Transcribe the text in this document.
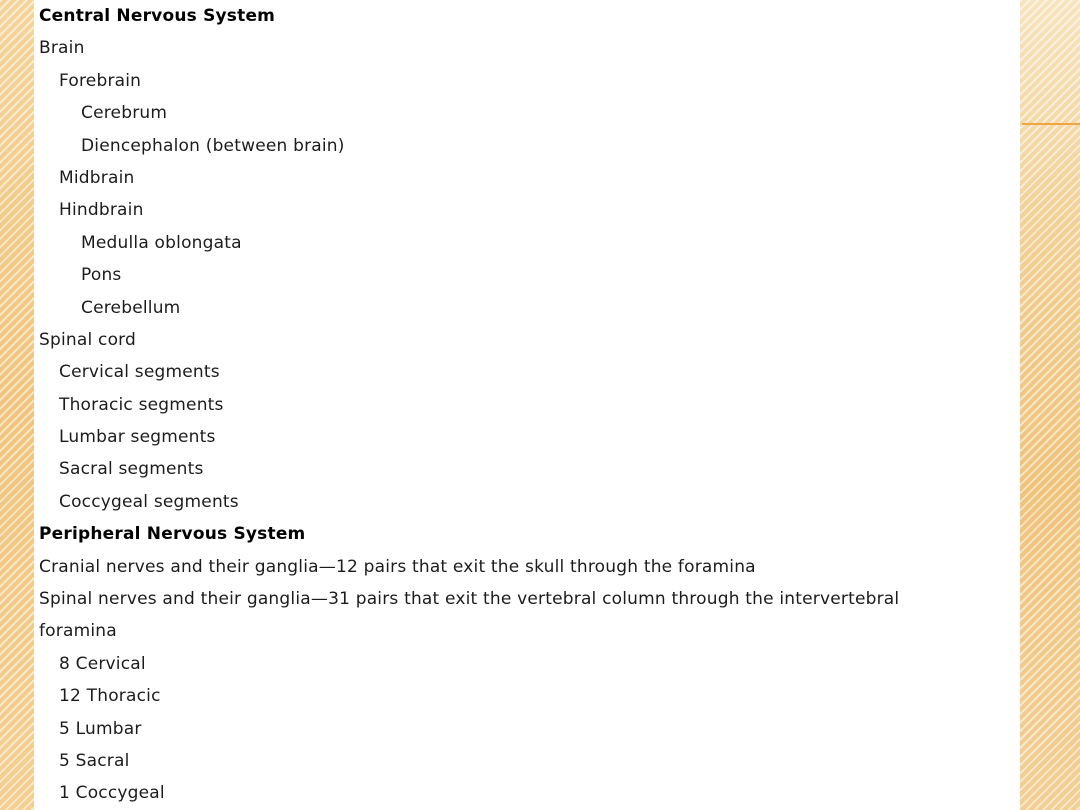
Central Nervous System
Brain
Forebrain
Cerebrum
Diencephalon (between brain)
Midbrain
Hindbrain
Medulla oblongata
Pons
Cerebellum
Spinal cord
Cervical segments
Thoracic segments
Lumbar segments
Sacral segments
Coccygeal segments
Peripheral Nervous System
Cranial nerves and their ganglia—12 pairs that exit the skull through the foramina
Spinal nerves and their ganglia—31 pairs that exit the vertebral column through the intervertebral
foramina
8 Cervical
12 Thoracic
5 Lumbar
5 Sacral
1 Coccygeal
